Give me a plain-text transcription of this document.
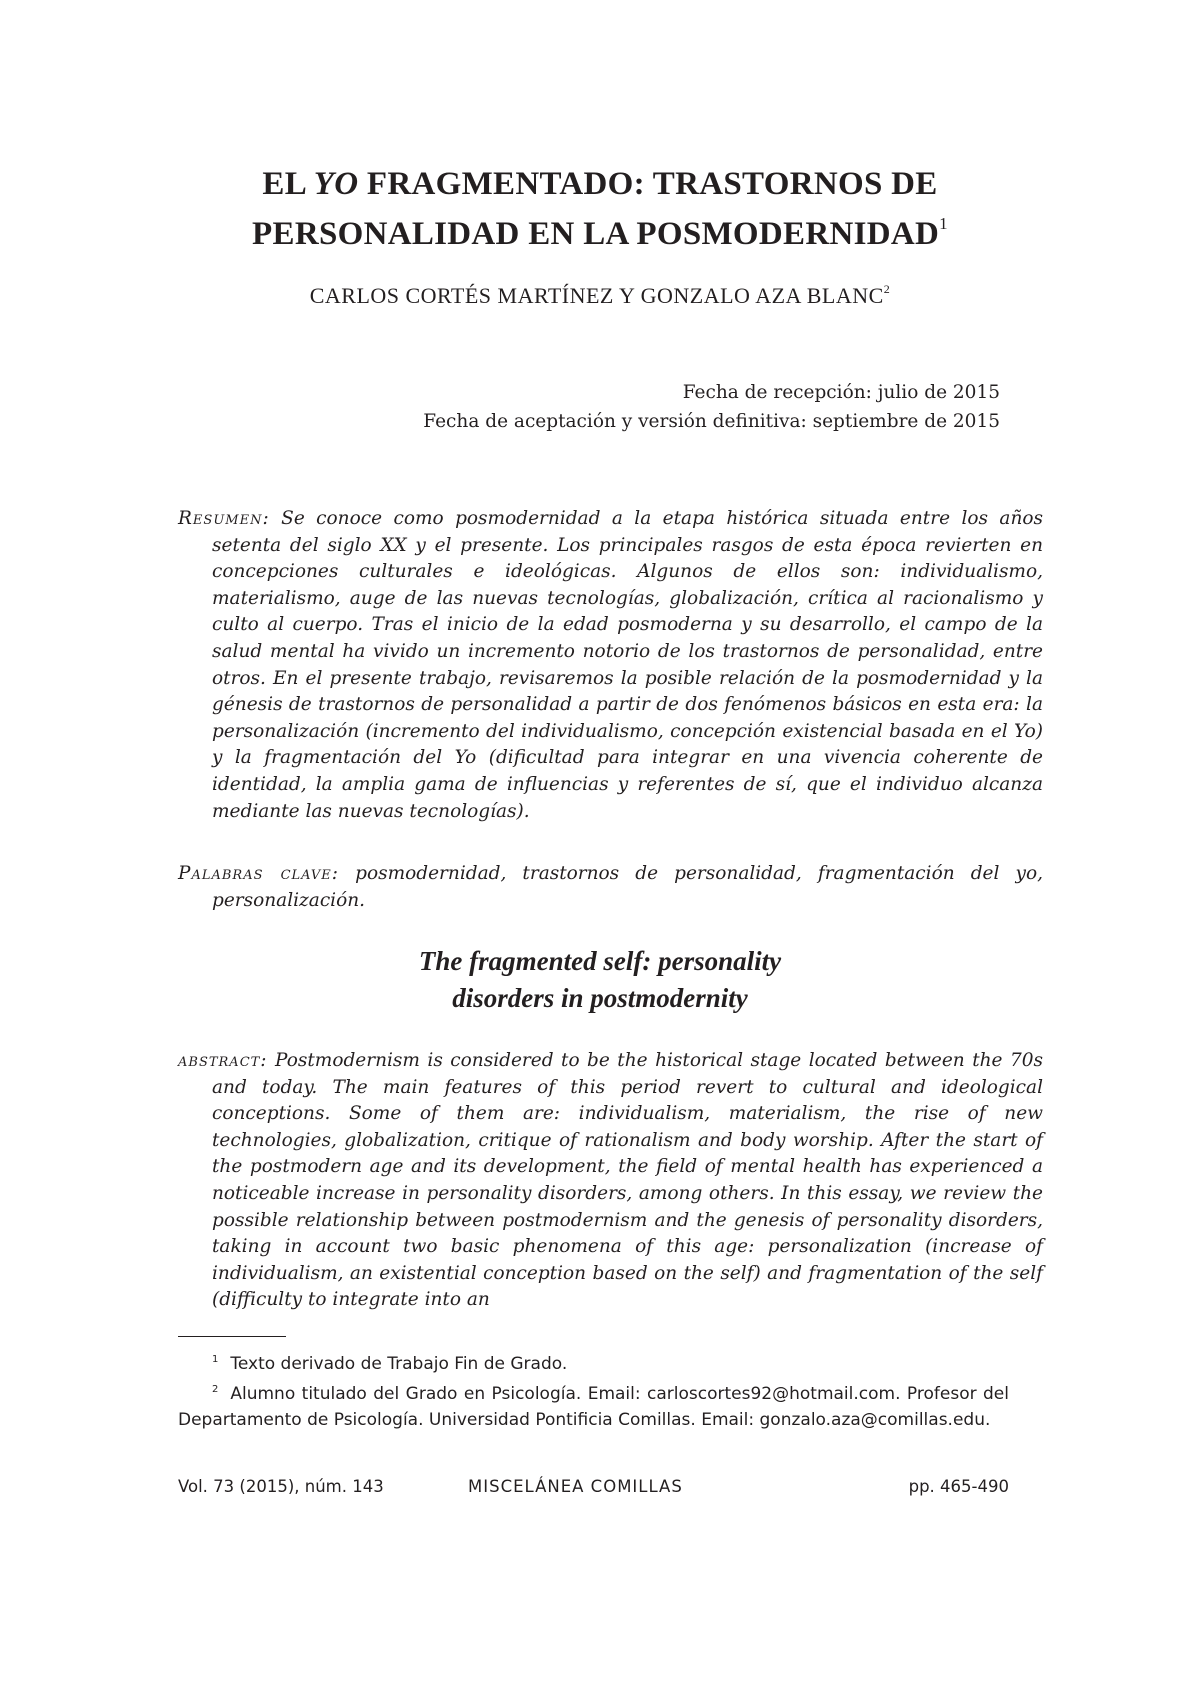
EL YO FRAGMENTADO: TRASTORNOS DE
PERSONALIDAD EN LA POSMODERNIDAD$^1$
CARLOS CORTÉS MARTÍNEZ Y GONZALO AZA BLANC$^2$
Fecha de recepción: julio de 2015
Fecha de aceptación y versión definitiva: septiembre de 2015

Resumen: Se conoce como posmodernidad a la etapa histórica situada entre los años setenta del siglo XX y el presente. Los principales rasgos de esta época revierten en concepciones culturales e ideológicas. Algunos de ellos son: individualismo, materialismo, auge de las nuevas tecnologías, globalización, crítica al racionalismo y culto al cuerpo. Tras el inicio de la edad posmoderna y su desarrollo, el campo de la salud mental ha vivido un incremento notorio de los trastornos de personalidad, entre otros. En el presente trabajo, revisaremos la posible relación de la posmodernidad y la génesis de trastornos de personalidad a partir de dos fenómenos básicos en esta era: la personalización (incremento del individualismo, concepción existencial basada en el Yo) y la fragmentación del Yo (dificultad para integrar en una vivencia coherente de identidad, la amplia gama de influencias y referentes de sí, que el individuo alcanza mediante las nuevas tecnologías).

Palabras clave: posmodernidad, trastornos de personalidad, fragmentación del yo, personalización.

The fragmented self: personality
disorders in postmodernity

abstract: Postmodernism is considered to be the historical stage located between the 70s and today. The main features of this period revert to cultural and ideological conceptions. Some of them are: individualism, materialism, the rise of new technologies, globalization, critique of rationalism and body worship. After the start of the postmodern age and its development, the field of mental health has experienced a noticeable increase in personality disorders, among others. In this essay, we review the possible relationship between postmodernism and the genesis of personality disorders, taking in account two basic phenomena of this age: personalization (increase of individualism, an existential conception based on the self) and fragmentation of the self (difficulty to integrate into an

$^1$ Texto derivado de Trabajo Fin de Grado.

$^2$ Alumno titulado del Grado en Psicología. Email: carloscortes92@hotmail.com. Profesor del Departamento de Psicología. Universidad Pontificia Comillas. Email: gonzalo.aza@comillas.edu.

Vol. 73 (2015), núm. 143	MISCELÁNEA COMILLAS	pp. 465-490
